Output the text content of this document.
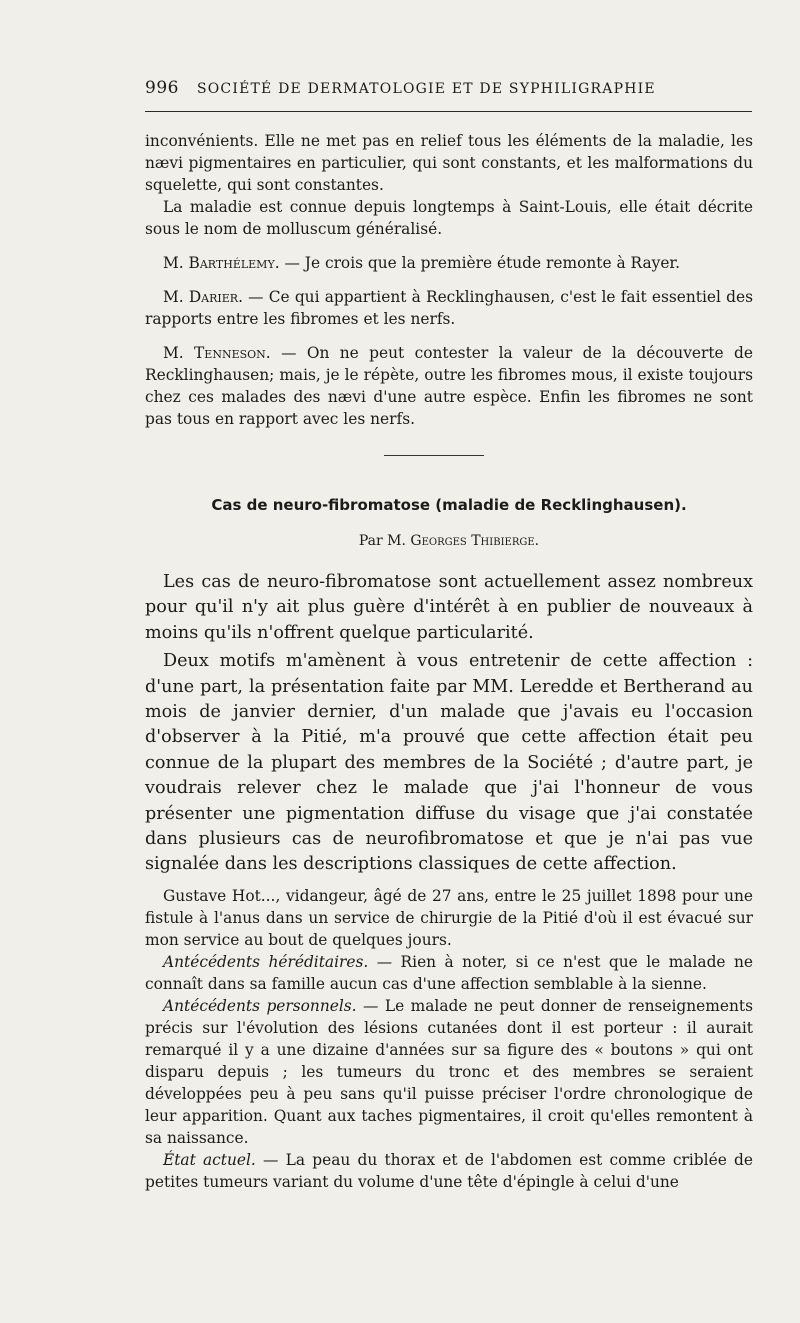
996 SOCIÉTÉ DE DERMATOLOGIE ET DE SYPHILIGRAPHIE

inconvénients. Elle ne met pas en relief tous les éléments de la maladie, les nævi pigmentaires en particulier, qui sont constants, et les malformations du squelette, qui sont constantes.

La maladie est connue depuis longtemps à Saint-Louis, elle était décrite sous le nom de molluscum généralisé.

M. Barthélemy. — Je crois que la première étude remonte à Rayer.

M. Darier. — Ce qui appartient à Recklinghausen, c'est le fait essentiel des rapports entre les fibromes et les nerfs.

M. Tenneson. — On ne peut contester la valeur de la découverte de Recklinghausen; mais, je le répète, outre les fibromes mous, il existe toujours chez ces malades des nævi d'une autre espèce. Enfin les fibromes ne sont pas tous en rapport avec les nerfs.

Cas de neuro-fibromatose (maladie de Recklinghausen).
Par M. Georges Thibierge.

Les cas de neuro-fibromatose sont actuellement assez nombreux pour qu'il n'y ait plus guère d'intérêt à en publier de nouveaux à moins qu'ils n'offrent quelque particularité.

Deux motifs m'amènent à vous entretenir de cette affection : d'une part, la présentation faite par MM. Leredde et Bertherand au mois de janvier dernier, d'un malade que j'avais eu l'occasion d'observer à la Pitié, m'a prouvé que cette affection était peu connue de la plupart des membres de la Société ; d'autre part, je voudrais relever chez le malade que j'ai l'honneur de vous présenter une pigmentation diffuse du visage que j'ai constatée dans plusieurs cas de neurofibromatose et que je n'ai pas vue signalée dans les descriptions classiques de cette affection.

Gustave Hot..., vidangeur, âgé de 27 ans, entre le 25 juillet 1898 pour une fistule à l'anus dans un service de chirurgie de la Pitié d'où il est évacué sur mon service au bout de quelques jours.

Antécédents héréditaires. — Rien à noter, si ce n'est que le malade ne connaît dans sa famille aucun cas d'une affection semblable à la sienne.

Antécédents personnels. — Le malade ne peut donner de renseignements précis sur l'évolution des lésions cutanées dont il est porteur : il aurait remarqué il y a une dizaine d'années sur sa figure des « boutons » qui ont disparu depuis ; les tumeurs du tronc et des membres se seraient développées peu à peu sans qu'il puisse préciser l'ordre chronologique de leur apparition. Quant aux taches pigmentaires, il croit qu'elles remontent à sa naissance.

État actuel. — La peau du thorax et de l'abdomen est comme criblée de petites tumeurs variant du volume d'une tête d'épingle à celui d'une
